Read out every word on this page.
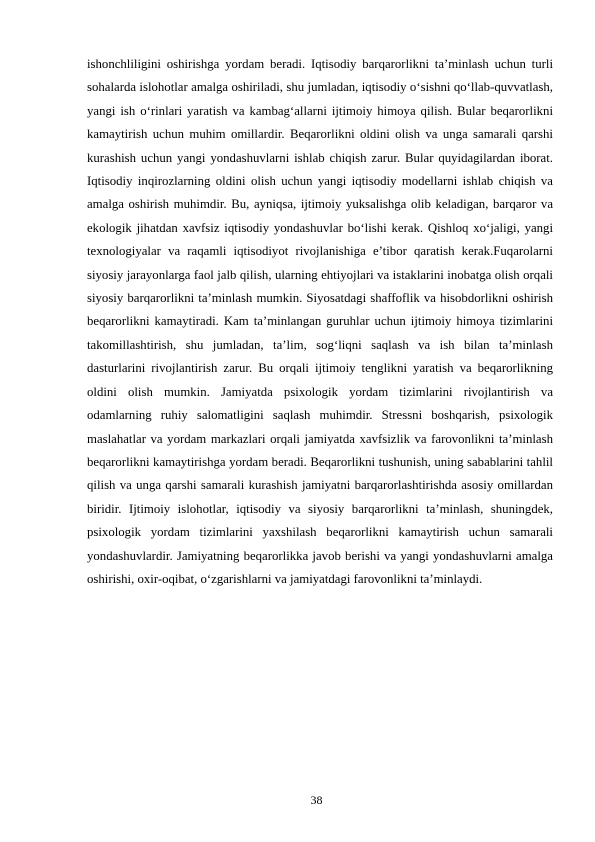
ishonchliligini oshirishga yordam beradi. Iqtisodiy barqarorlikni ta’minlash uchun turli sohalarda islohotlar amalga oshiriladi, shu jumladan, iqtisodiy o‘sishni qo‘llab-quvvatlash, yangi ish o‘rinlari yaratish va kambag‘allarni ijtimoiy himoya qilish. Bular beqarorlikni kamaytirish uchun muhim omillardir. Beqarorlikni oldini olish va unga samarali qarshi kurashish uchun yangi yondashuvlarni ishlab chiqish zarur. Bular quyidagilardan iborat. Iqtisodiy inqirozlarning oldini olish uchun yangi iqtisodiy modellarni ishlab chiqish va amalga oshirish muhimdir. Bu, ayniqsa, ijtimoiy yuksalishga olib keladigan, barqaror va ekologik jihatdan xavfsiz iqtisodiy yondashuvlar bo‘lishi kerak. Qishloq xo‘jaligi, yangi texnologiyalar va raqamli iqtisodiyot rivojlanishiga e’tibor qaratish kerak.Fuqarolarni siyosiy jarayonlarga faol jalb qilish, ularning ehtiyojlari va istaklarini inobatga olish orqali siyosiy barqarorlikni ta’minlash mumkin. Siyosatdagi shaffoflik va hisobdorlikni oshirish beqarorlikni kamaytiradi. Kam ta’minlangan guruhlar uchun ijtimoiy himoya tizimlarini takomillashtirish, shu jumladan, ta’lim, sog‘liqni saqlash va ish bilan ta’minlash dasturlarini rivojlantirish zarur. Bu orqali ijtimoiy tenglikni yaratish va beqarorlikning oldini olish mumkin. Jamiyatda psixologik yordam tizimlarini rivojlantirish va odamlarning ruhiy salomatligini saqlash muhimdir. Stressni boshqarish, psixologik maslahatlar va yordam markazlari orqali jamiyatda xavfsizlik va farovonlikni ta’minlash beqarorlikni kamaytirishga yordam beradi. Beqarorlikni tushunish, uning sabablarini tahlil qilish va unga qarshi samarali kurashish jamiyatni barqarorlashtirishda asosiy omillardan biridir. Ijtimoiy islohotlar, iqtisodiy va siyosiy barqarorlikni ta’minlash, shuningdek, psixologik yordam tizimlarini yaxshilash beqarorlikni kamaytirish uchun samarali yondashuvlardir. Jamiyatning beqarorlikka javob berishi va yangi yondashuvlarni amalga oshirishi, oxir-oqibat, o‘zgarishlarni va jamiyatdagi farovonlikni ta’minlaydi.

38
